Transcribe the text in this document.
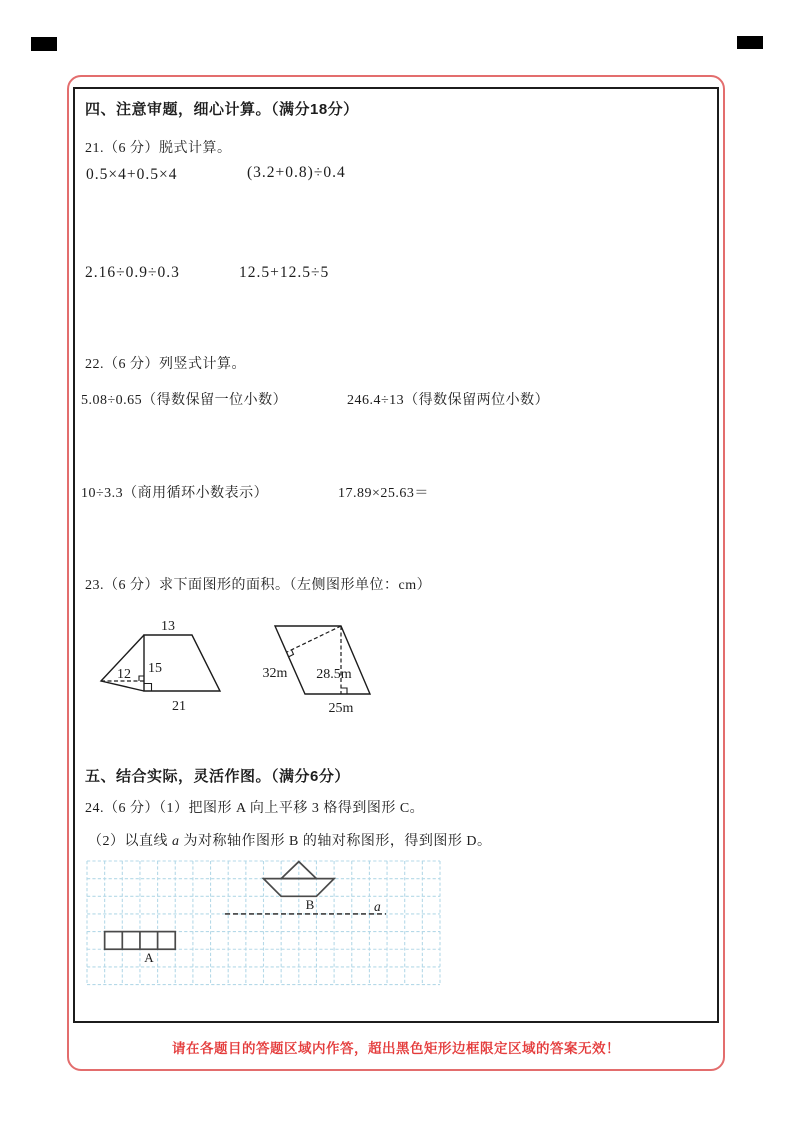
四、注意审题，细心计算。（满分18分）
21.（6 分）脱式计算。
0.5×4+0.5×4	(3.2+0.8)÷0.4
2.16÷0.9÷0.3	12.5+12.5÷5
22.（6 分）列竖式计算。
5.08÷0.65（得数保留一位小数）	246.4÷13（得数保留两位小数）
10÷3.3（商用循环小数表示）	17.89×25.63＝
23.（6 分）求下面图形的面积。（左侧图形单位：cm）
13
12 15
21
32m 28.5m
25m
五、结合实际，灵活作图。（满分6分）
24.（6 分）（1）把图形 A 向上平移 3 格得到图形 C。
（2）以直线 a 为对称轴作图形 B 的轴对称图形，得到图形 D。
A
B	a
请在各题目的答题区域内作答，超出黑色矩形边框限定区域的答案无效！
